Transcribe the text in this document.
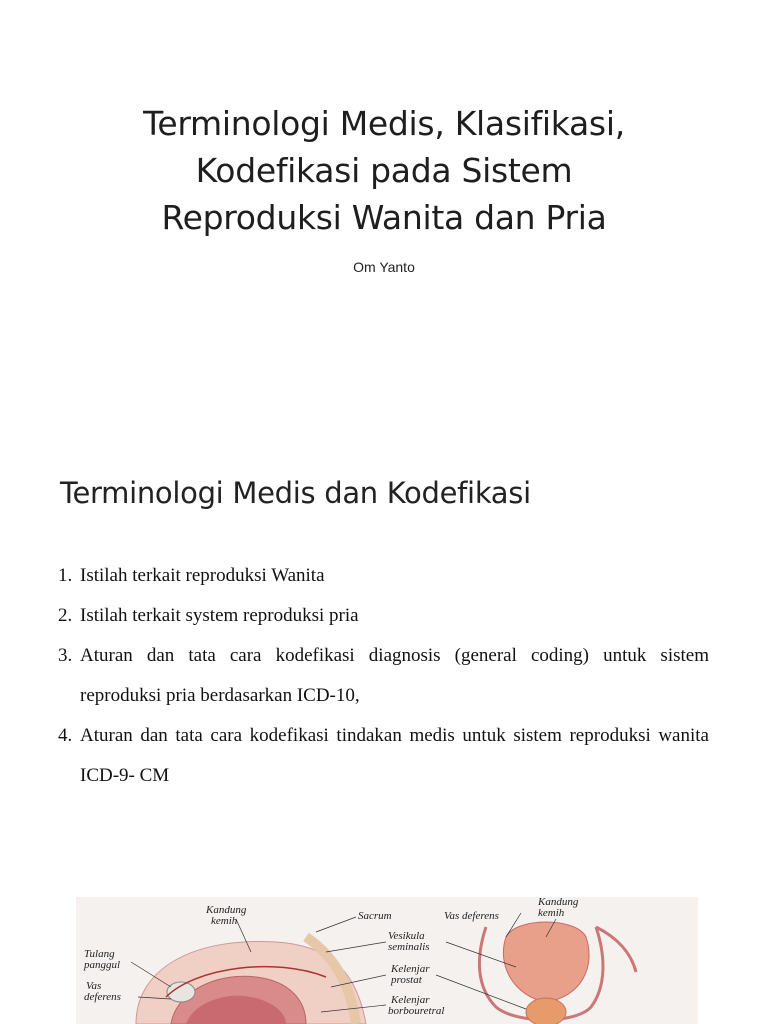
Terminologi Medis, Klasifikasi,
Kodefikasi pada Sistem
Reproduksi Wanita dan Pria
Om Yanto
Terminologi Medis dan Kodefikasi
1. Istilah terkait reproduksi Wanita
2. Istilah terkait system reproduksi pria
3. Aturan dan tata cara kodefikasi diagnosis (general coding) untuk sistem reproduksi pria berdasarkan ICD-10,
4. Aturan dan tata cara kodefikasi tindakan medis untuk sistem reproduksi wanita ICD-9- CM
Kandung
kemih	Sacrum	Vas deferens
Kandung
kemih
Tulang
panggul
Vas
deferens
Vesikula
seminalis
Kelenjar
prostat
Kelenjar
borbouretral
